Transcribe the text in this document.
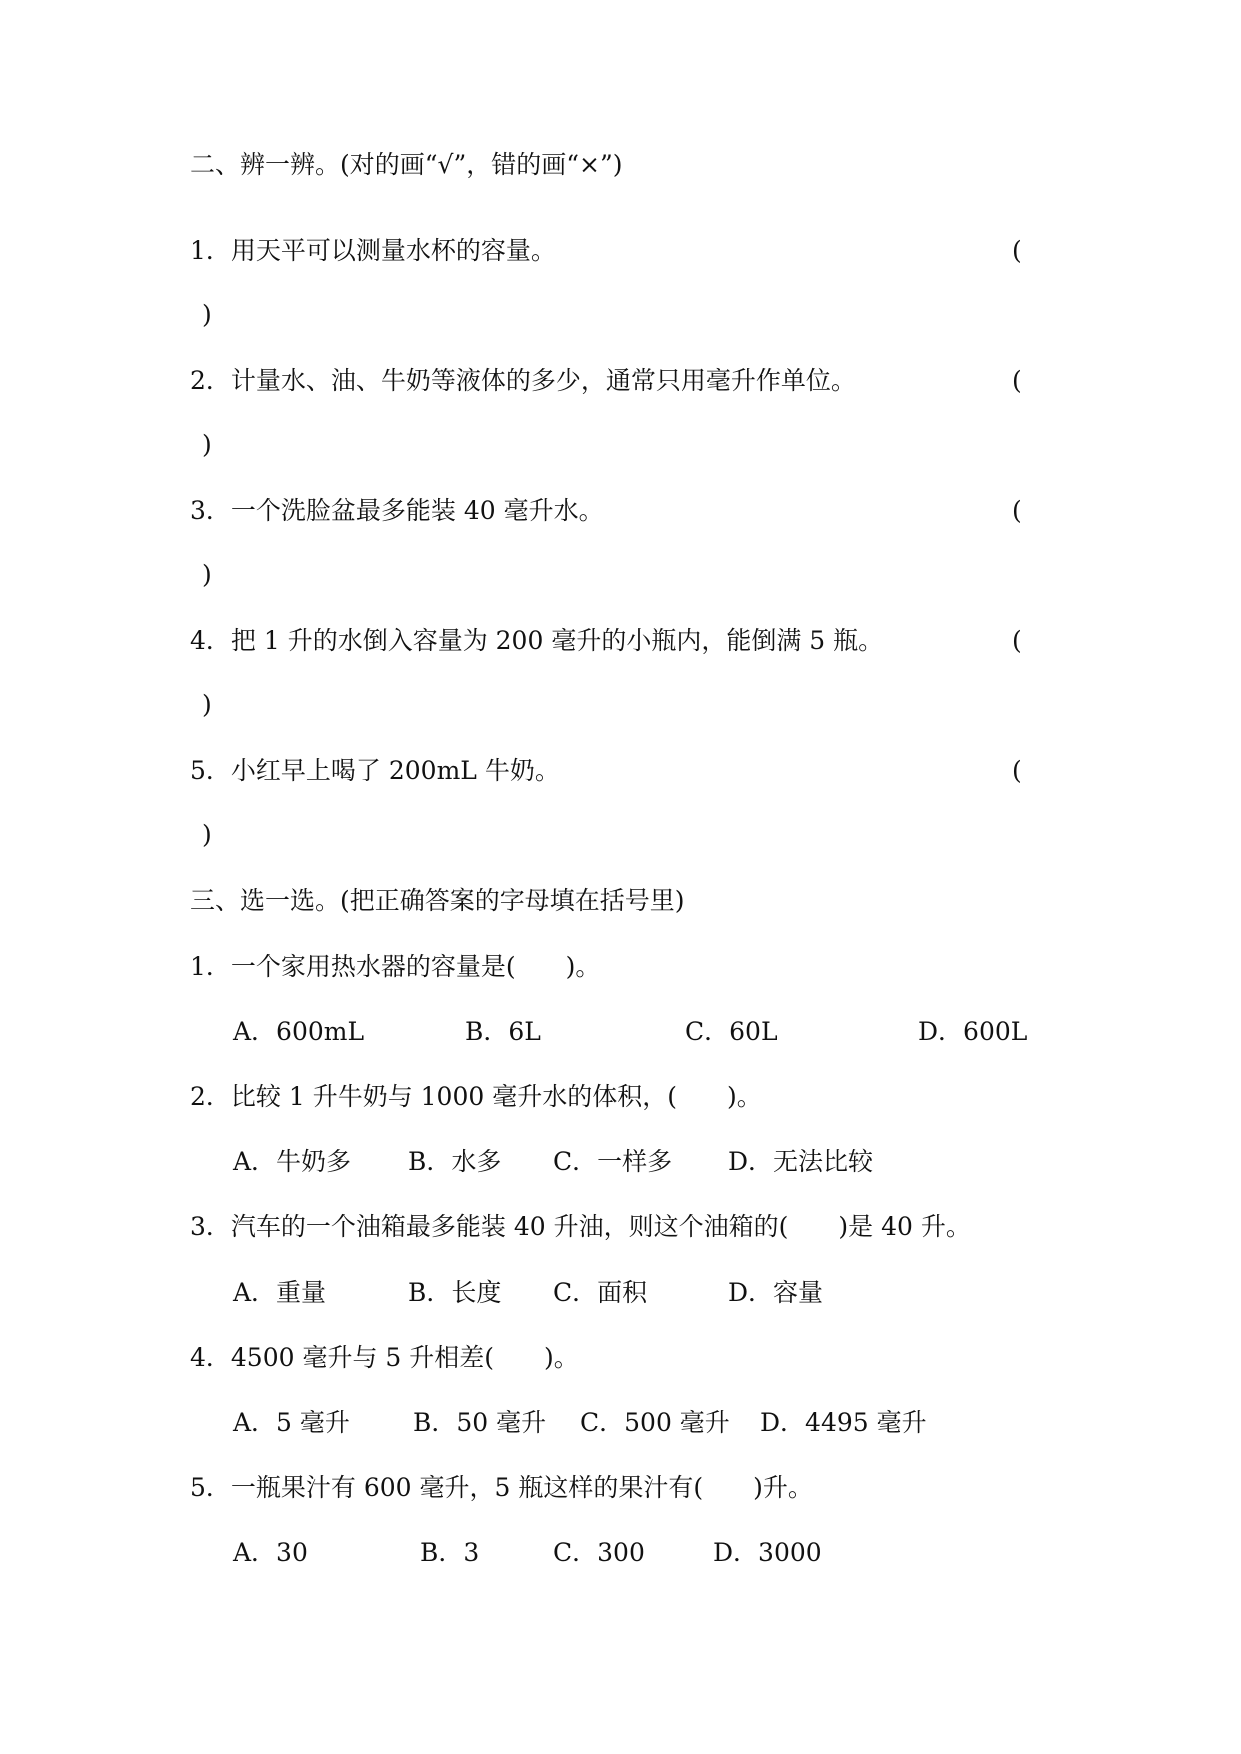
二、辨一辨。(对的画“√”，错的画“×”)
1．用天平可以测量水杯的容量。	(
)
2．计量水、油、牛奶等液体的多少，通常只用毫升作单位。	(
)
3．一个洗脸盆最多能装 40 毫升水。	(
)
4．把 1 升的水倒入容量为 200 毫升的小瓶内，能倒满 5 瓶。	(
)
5．小红早上喝了 200mL 牛奶。	(
)
三、选一选。(把正确答案的字母填在括号里)
1．一个家用热水器的容量是(　　)。
A．600mL	B．6L	C．60L	D．600L
2．比较 1 升牛奶与 1000 毫升水的体积，(　　)。
A．牛奶多 B．水多 C．一样多 D．无法比较
3．汽车的一个油箱最多能装 40 升油，则这个油箱的(　　)是 40 升。
A．重量	B．长度 C．面积	D．容量
4．4500 毫升与 5 升相差(　　)。
A．5 毫升	B．50 毫升 C．500 毫升 D．4495 毫升
5．一瓶果汁有 600 毫升，5 瓶这样的果汁有(　　)升。
A．30	B．3	C．300	D．3000
